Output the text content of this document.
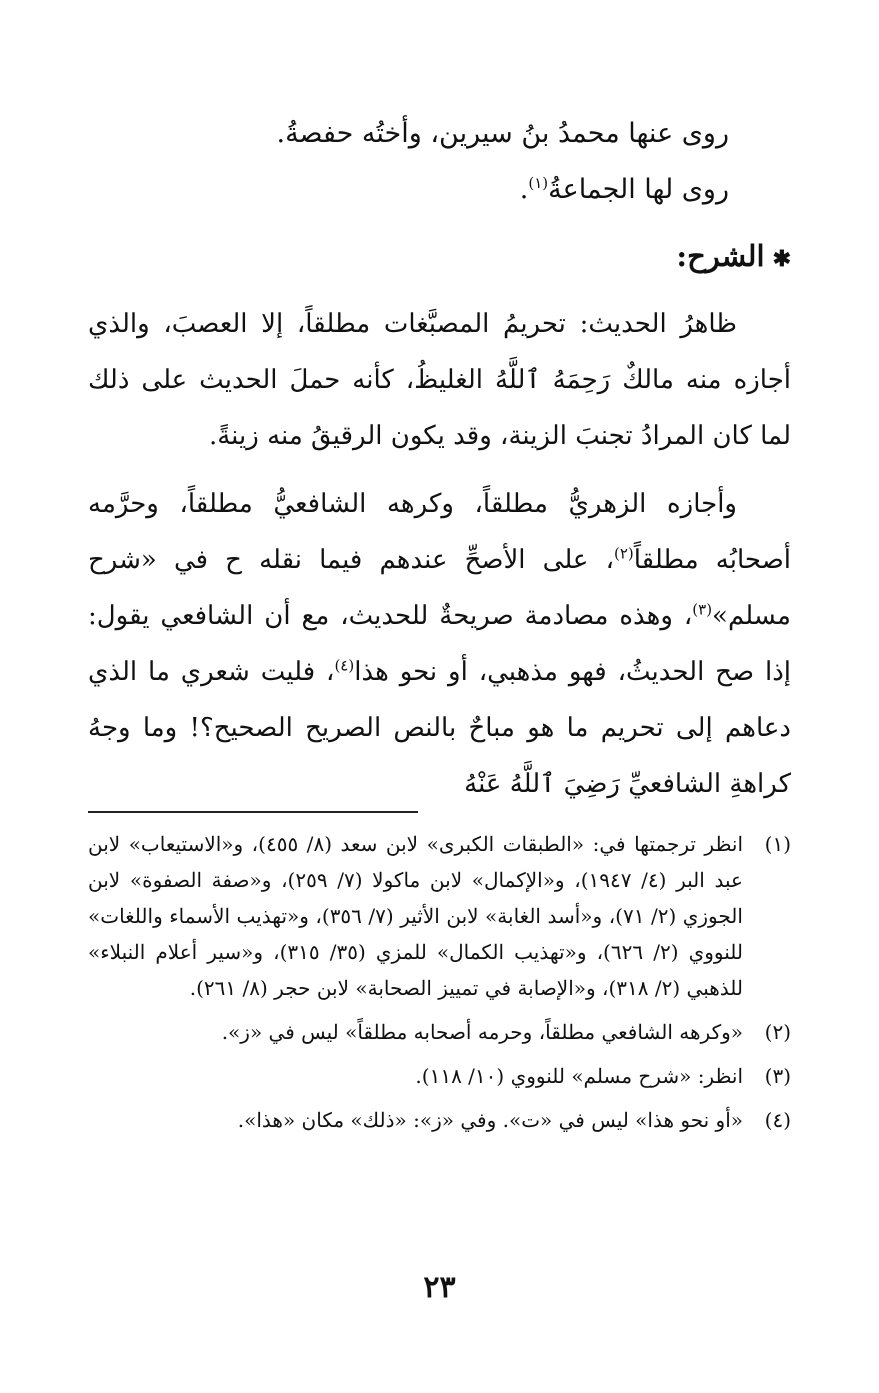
روى عنها محمدُ بنُ سيرين، وأختُه حفصةُ.
روى لها الجماعةُ$^{(١)}$.
✱الشرح:

ظاهرُ الحديث: تحريمُ المصبَّغات مطلقاً، إلا العصبَ، والذي أجازه منه مالكٌ رَحِمَهُ ٱللَّهُ الغليظُ، كأنه حملَ الحديث على ذلك لما كان المرادُ تجنبَ الزينة، وقد يكون الرقيقُ منه زينةً.

وأجازه الزهريُّ مطلقاً، وكرهه الشافعيُّ مطلقاً، وحرَّمه أصحابُه مطلقاً$^{(٢)}$، على الأصحِّ عندهم فيما نقله ح في «شرح مسلم»$^{(٣)}$، وهذه مصادمة صريحةٌ للحديث، مع أن الشافعي يقول: إذا صح الحديثُ، فهو مذهبي، أو نحو هذا$^{(٤)}$، فليت شعري ما الذي دعاهم إلى تحريم ما هو مباحٌ بالنص الصريح الصحيح؟! وما وجهُ كراهةِ الشافعيِّ رَضِيَ ٱللَّهُ عَنْهُ

(١)
انظر ترجمتها في: «الطبقات الكبرى» لابن سعد (٨/ ٤٥٥)، و«الاستيعاب» لابن عبد البر (٤/ ١٩٤٧)، و«الإكمال» لابن ماكولا (٧/ ٢٥٩)، و«صفة الصفوة» لابن الجوزي (٢/ ٧١)، و«أسد الغابة» لابن الأثير (٧/ ٣٥٦)، و«تهذيب الأسماء واللغات» للنووي (٢/ ٦٢٦)، و«تهذيب الكمال» للمزي (٣٥/ ٣١٥)، و«سير أعلام النبلاء» للذهبي (٢/ ٣١٨)، و«الإصابة في تمييز الصحابة» لابن حجر (٨/ ٢٦١).
(٢)
«وكرهه الشافعي مطلقاً، وحرمه أصحابه مطلقاً» ليس في «ز».
(٣)
انظر: «شرح مسلم» للنووي (١٠/ ١١٨).
(٤)
«أو نحو هذا» ليس في «ت». وفي «ز»: «ذلك» مكان «هذا».
٢٣
